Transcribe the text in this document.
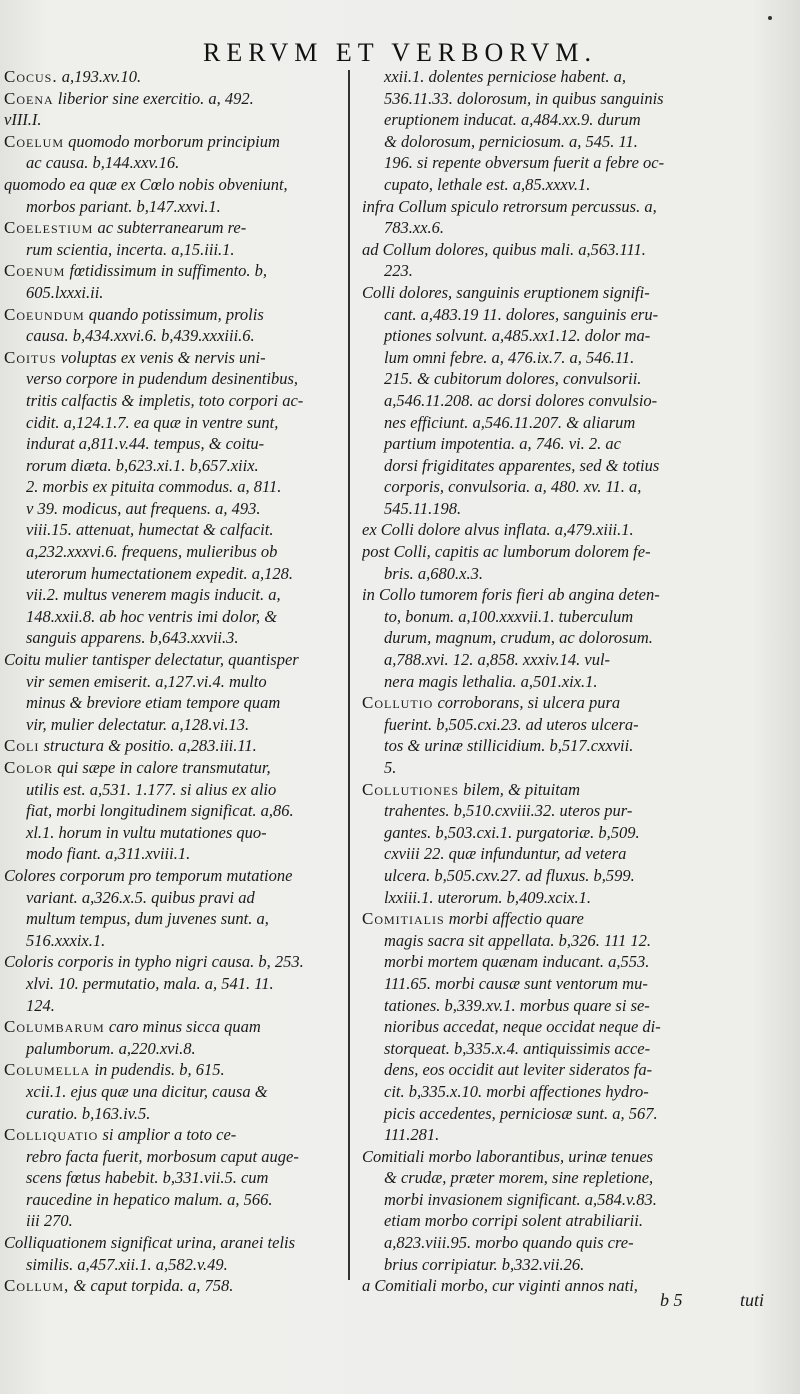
RERVM ET VERBORVM.
Cocus. a,193.xv.10.
Coena liberior sine exercitio. a, 492.
vIII.I.
Coelum quomodo morborum principium
ac causa. b,144.xxv.16.
quomodo ea quæ ex Cœlo nobis obveniunt,
morbos pariant. b,147.xxvi.1.
Coelestium ac subterranearum re-
rum scientia, incerta. a,15.iii.1.
Coenum fœtidissimum in suffimento. b,
605.lxxxi.ii.
Coeundum quando potissimum, prolis
causa. b,434.xxvi.6. b,439.xxxiii.6.
Coitus voluptas ex venis & nervis uni-
verso corpore in pudendum desinentibus,
tritis calfactis & impletis, toto corpori ac-
cidit. a,124.1.7. ea quæ in ventre sunt,
indurat a,811.v.44. tempus, & coitu-
rorum diæta. b,623.xi.1. b,657.xiix.
2. morbis ex pituita commodus. a, 811.
v 39. modicus, aut frequens. a, 493.
viii.15. attenuat, humectat & calfacit.
a,232.xxxvi.6. frequens, mulieribus ob
uterorum humectationem expedit. a,128.
vii.2. multus venerem magis inducit. a,
148.xxii.8. ab hoc ventris imi dolor, &
sanguis apparens. b,643.xxvii.3.
Coitu mulier tantisper delectatur, quantisper
vir semen emiserit. a,127.vi.4. multo
minus & breviore etiam tempore quam
vir, mulier delectatur. a,128.vi.13.
Coli structura & positio. a,283.iii.11.
Color qui sæpe in calore transmutatur,
utilis est. a,531. 1.177. si alius ex alio
fiat, morbi longitudinem significat. a,86.
xl.1. horum in vultu mutationes quo-
modo fiant. a,311.xviii.1.
Colores corporum pro temporum mutatione
variant. a,326.x.5. quibus pravi ad
multum tempus, dum juvenes sunt. a,
516.xxxix.1.
Coloris corporis in typho nigri causa. b, 253.
xlvi. 10. permutatio, mala. a, 541. 11.
124.
Columbarum caro minus sicca quam
palumborum. a,220.xvi.8.
Columella in pudendis. b, 615.
xcii.1. ejus quæ una dicitur, causa &
curatio. b,163.iv.5.
Colliquatio si amplior a toto ce-
rebro facta fuerit, morbosum caput auge-
scens fœtus habebit. b,331.vii.5. cum
raucedine in hepatico malum. a, 566.
iii 270.
Colliquationem significat urina, aranei telis
similis. a,457.xii.1. a,582.v.49.
Collum, & caput torpida. a, 758.
xxii.1. dolentes perniciose habent. a,
536.11.33. dolorosum, in quibus sanguinis
eruptionem inducat. a,484.xx.9. durum
& dolorosum, perniciosum. a, 545. 11.
196. si repente obversum fuerit a febre oc-
cupato, lethale est. a,85.xxxv.1.
infra Collum spiculo retrorsum percussus. a,
783.xx.6.
ad Collum dolores, quibus mali. a,563.111.
223.
Colli dolores, sanguinis eruptionem signifi-
cant. a,483.19 11. dolores, sanguinis eru-
ptiones solvunt. a,485.xx1.12. dolor ma-
lum omni febre. a, 476.ix.7. a, 546.11.
215. & cubitorum dolores, convulsorii.
a,546.11.208. ac dorsi dolores convulsio-
nes efficiunt. a,546.11.207. & aliarum
partium impotentia. a, 746. vi. 2. ac
dorsi frigiditates apparentes, sed & totius
corporis, convulsoria. a, 480. xv. 11. a,
545.11.198.
ex Colli dolore alvus inflata. a,479.xiii.1.
post Colli, capitis ac lumborum dolorem fe-
bris. a,680.x.3.
in Collo tumorem foris fieri ab angina deten-
to, bonum. a,100.xxxvii.1. tuberculum
durum, magnum, crudum, ac dolorosum.
a,788.xvi. 12. a,858. xxxiv.14. vul-
nera magis lethalia. a,501.xix.1.
Collutio corroborans, si ulcera pura
fuerint. b,505.cxi.23. ad uteros ulcera-
tos & urinæ stillicidium. b,517.cxxvii.
5.
Collutiones bilem, & pituitam
trahentes. b,510.cxviii.32. uteros pur-
gantes. b,503.cxi.1. purgatoriæ. b,509.
cxviii 22. quæ infunduntur, ad vetera
ulcera. b,505.cxv.27. ad fluxus. b,599.
lxxiii.1. uterorum. b,409.xcix.1.
Comitialis morbi affectio quare
magis sacra sit appellata. b,326. 111 12.
morbi mortem quænam inducant. a,553.
111.65. morbi causæ sunt ventorum mu-
tationes. b,339.xv.1. morbus quare si se-
nioribus accedat, neque occidat neque di-
storqueat. b,335.x.4. antiquissimis acce-
dens, eos occidit aut leviter sideratos fa-
cit. b,335.x.10. morbi affectiones hydro-
picis accedentes, perniciosæ sunt. a, 567.
111.281.
Comitiali morbo laborantibus, urinæ tenues
& crudæ, præter morem, sine repletione,
morbi invasionem significant. a,584.v.83.
etiam morbo corripi solent atrabiliarii.
a,823.viii.95. morbo quando quis cre-
brius corripiatur. b,332.vii.26.
a Comitiali morbo, cur viginti annos nati,
b 5	tuti
